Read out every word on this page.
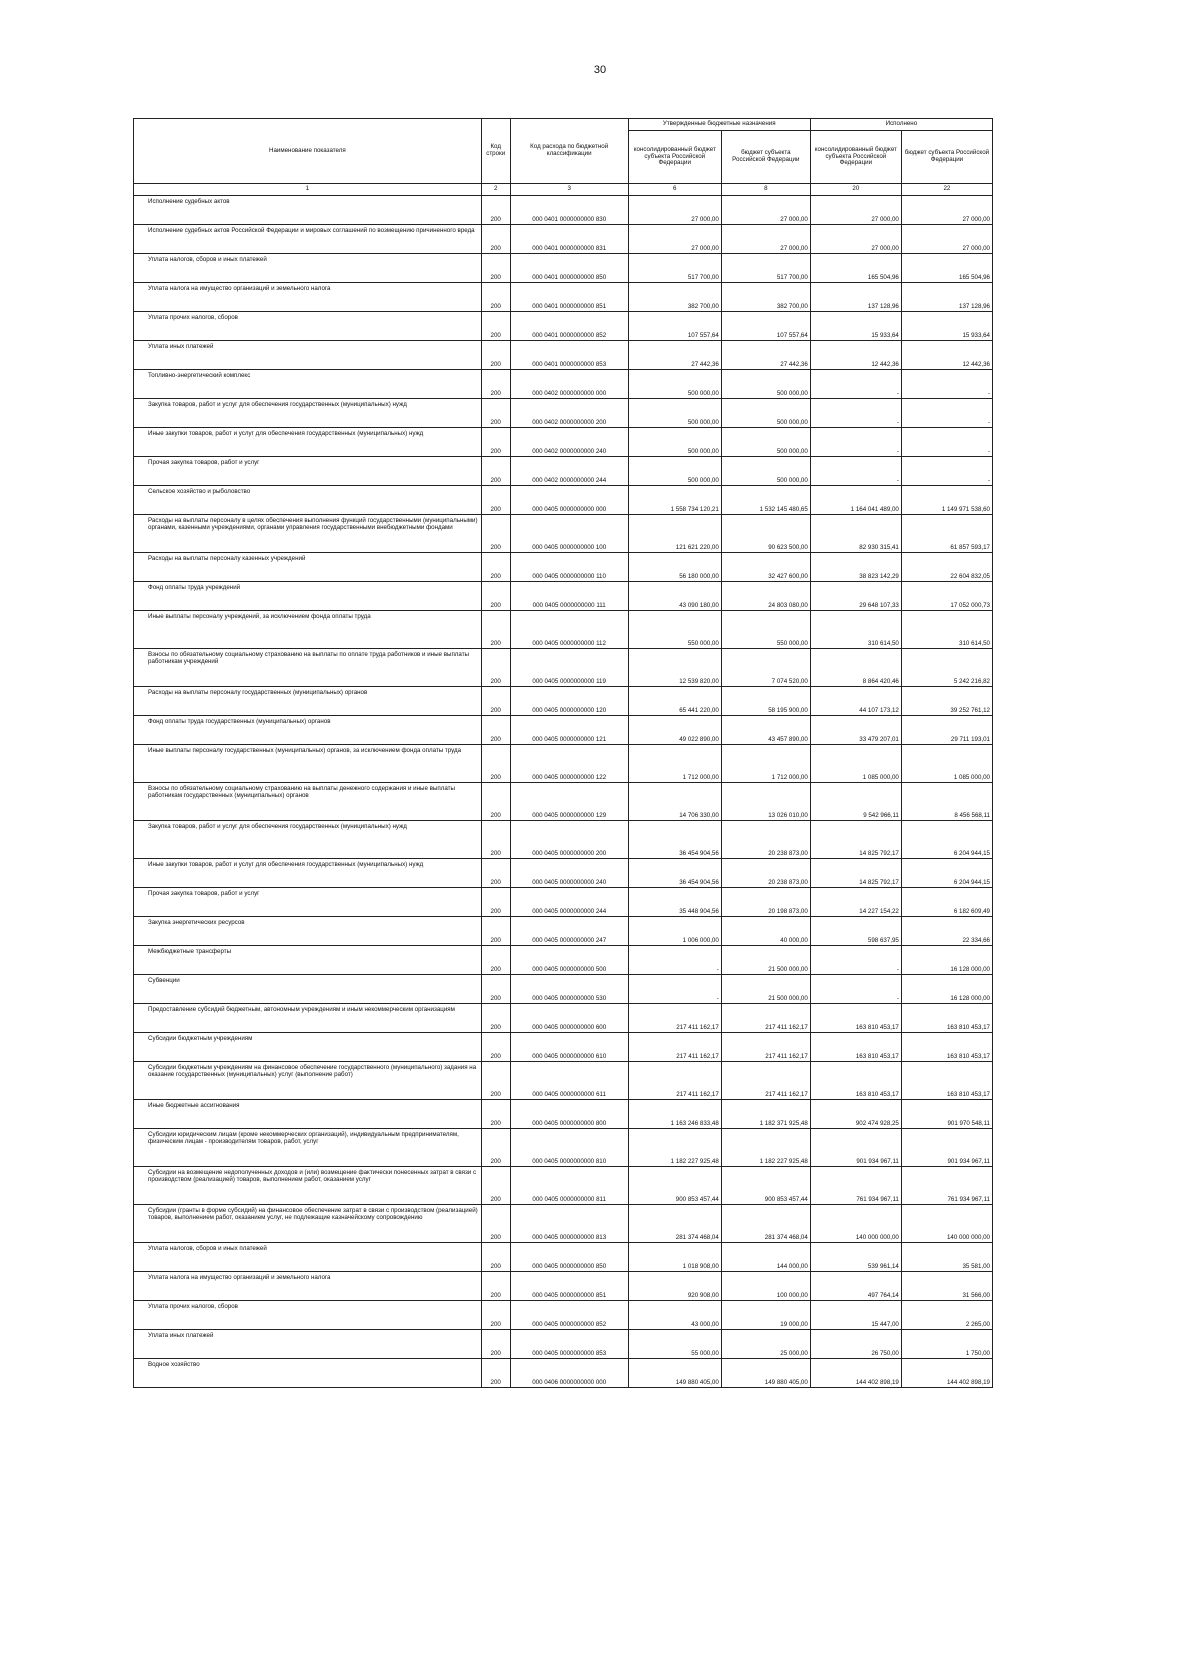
30
Наименование показателя	Код строки	Код расхода по бюджетной классификации	Утвержденные бюджетные назначения		Исполнено	
			консолидированный бюджет субъекта Российской Федерации	бюджет субъекта Российской Федерации	консолидированный бюджет субъекта Российской Федерации	бюджет субъекта Российской Федерации
1	2	3	6	8	20	22

Исполнение судебных актов	200	000 0401 0000000000 830	27 000,00	27 000,00	27 000,00	27 000,00

Исполнение судебных актов Российской Федерации и мировых соглашений по возмещению причиненного вреда	200	000 0401 0000000000 831	27 000,00	27 000,00	27 000,00	27 000,00

Уплата налогов, сборов и иных платежей	200	000 0401 0000000000 850	517 700,00	517 700,00	165 504,96	165 504,96

Уплата налога на имущество организаций и земельного налога	200	000 0401 0000000000 851	382 700,00	382 700,00	137 128,96	137 128,96

Уплата прочих налогов, сборов	200	000 0401 0000000000 852	107 557,64	107 557,64	15 933,64	15 933,64

Уплата иных платежей	200	000 0401 0000000000 853	27 442,36	27 442,36	12 442,36	12 442,36

Топливно-энергетический комплекс	200	000 0402 0000000000 000	500 000,00	500 000,00	-	-

Закупка товаров, работ и услуг для обеспечения государственных (муниципальных) нужд	200	000 0402 0000000000 200	500 000,00	500 000,00	-	-

Иные закупки товаров, работ и услуг для обеспечения государственных (муниципальных) нужд	200	000 0402 0000000000 240	500 000,00	500 000,00	-	-

Прочая закупка товаров, работ и услуг	200	000 0402 0000000000 244	500 000,00	500 000,00	-	-

Сельское хозяйство и рыболовство	200	000 0405 0000000000 000	1 558 734 120,21	1 532 145 480,65	1 164 041 489,00	1 149 971 538,60

Расходы на выплаты персоналу в целях обеспечения выполнения функций государственными (муниципальными) органами, казенными учреждениями, органами управления государственными внебюджетными фондами	200	000 0405 0000000000 100	121 621 220,00	90 623 500,00	82 930 315,41	61 857 593,17

Расходы на выплаты персоналу казенных учреждений	200	000 0405 0000000000 110	56 180 000,00	32 427 600,00	38 823 142,29	22 604 832,05

Фонд оплаты труда учреждений	200	000 0405 0000000000 111	43 090 180,00	24 803 080,00	29 648 107,33	17 052 000,73

Иные выплаты персоналу учреждений, за исключением фонда оплаты труда	200	000 0405 0000000000 112	550 000,00	550 000,00	310 614,50	310 614,50

Взносы по обязательному социальному страхованию на выплаты по оплате труда работников и иные выплаты работникам учреждений	200	000 0405 0000000000 119	12 539 820,00	7 074 520,00	8 864 420,46	5 242 216,82

Расходы на выплаты персоналу государственных (муниципальных) органов	200	000 0405 0000000000 120	65 441 220,00	58 195 900,00	44 107 173,12	39 252 761,12

Фонд оплаты труда государственных (муниципальных) органов	200	000 0405 0000000000 121	49 022 890,00	43 457 890,00	33 479 207,01	29 711 193,01

Иные выплаты персоналу государственных (муниципальных) органов, за исключением фонда оплаты труда	200	000 0405 0000000000 122	1 712 000,00	1 712 000,00	1 085 000,00	1 085 000,00

Взносы по обязательному социальному страхованию на выплаты денежного содержания и иные выплаты работникам государственных (муниципальных) органов	200	000 0405 0000000000 129	14 706 330,00	13 026 010,00	9 542 966,11	8 456 568,11

Закупка товаров, работ и услуг для обеспечения государственных (муниципальных) нужд	200	000 0405 0000000000 200	36 454 904,56	20 238 873,00	14 825 792,17	6 204 944,15

Иные закупки товаров, работ и услуг для обеспечения государственных (муниципальных) нужд	200	000 0405 0000000000 240	36 454 904,56	20 238 873,00	14 825 792,17	6 204 944,15

Прочая закупка товаров, работ и услуг	200	000 0405 0000000000 244	35 448 904,56	20 198 873,00	14 227 154,22	6 182 609,49

Закупка энергетических ресурсов	200	000 0405 0000000000 247	1 006 000,00	40 000,00	598 637,95	22 334,66

Межбюджетные трансферты	200	000 0405 0000000000 500	-	21 500 000,00	-	16 128 000,00

Субвенции	200	000 0405 0000000000 530	-	21 500 000,00	-	16 128 000,00

Предоставление субсидий бюджетным, автономным учреждениям и иным некоммерческим организациям	200	000 0405 0000000000 600	217 411 162,17	217 411 162,17	163 810 453,17	163 810 453,17

Субсидии бюджетным учреждениям	200	000 0405 0000000000 610	217 411 162,17	217 411 162,17	163 810 453,17	163 810 453,17

Субсидии бюджетным учреждениям на финансовое обеспечение государственного (муниципального) задания на оказание государственных (муниципальных) услуг (выполнение работ)	200	000 0405 0000000000 611	217 411 162,17	217 411 162,17	163 810 453,17	163 810 453,17

Иные бюджетные ассигнования	200	000 0405 0000000000 800	1 163 246 833,48	1 182 371 925,48	902 474 928,25	901 970 548,11

Субсидии юридическим лицам (кроме некоммерческих организаций), индивидуальным предпринимателям, физическим лицам - производителям товаров, работ, услуг	200	000 0405 0000000000 810	1 182 227 925,48	1 182 227 925,48	901 934 967,11	901 934 967,11

Субсидии на возмещение недополученных доходов и (или) возмещение фактически понесенных затрат в связи с производством (реализацией) товаров, выполнением работ, оказанием услуг	200	000 0405 0000000000 811	900 853 457,44	900 853 457,44	761 934 967,11	761 934 967,11

Субсидии (гранты в форме субсидий) на финансовое обеспечение затрат в связи с производством (реализацией) товаров, выполнением работ, оказанием услуг, не подлежащие казначейскому сопровождению	200	000 0405 0000000000 813	281 374 468,04	281 374 468,04	140 000 000,00	140 000 000,00

Уплата налогов, сборов и иных платежей	200	000 0405 0000000000 850	1 018 908,00	144 000,00	539 961,14	35 581,00

Уплата налога на имущество организаций и земельного налога	200	000 0405 0000000000 851	920 908,00	100 000,00	497 764,14	31 566,00

Уплата прочих налогов, сборов	200	000 0405 0000000000 852	43 000,00	19 000,00	15 447,00	2 265,00

Уплата иных платежей	200	000 0405 0000000000 853	55 000,00	25 000,00	26 750,00	1 750,00

Водное хозяйство	200	000 0406 0000000000 000	149 880 405,00	149 880 405,00	144 402 898,19	144 402 898,19
